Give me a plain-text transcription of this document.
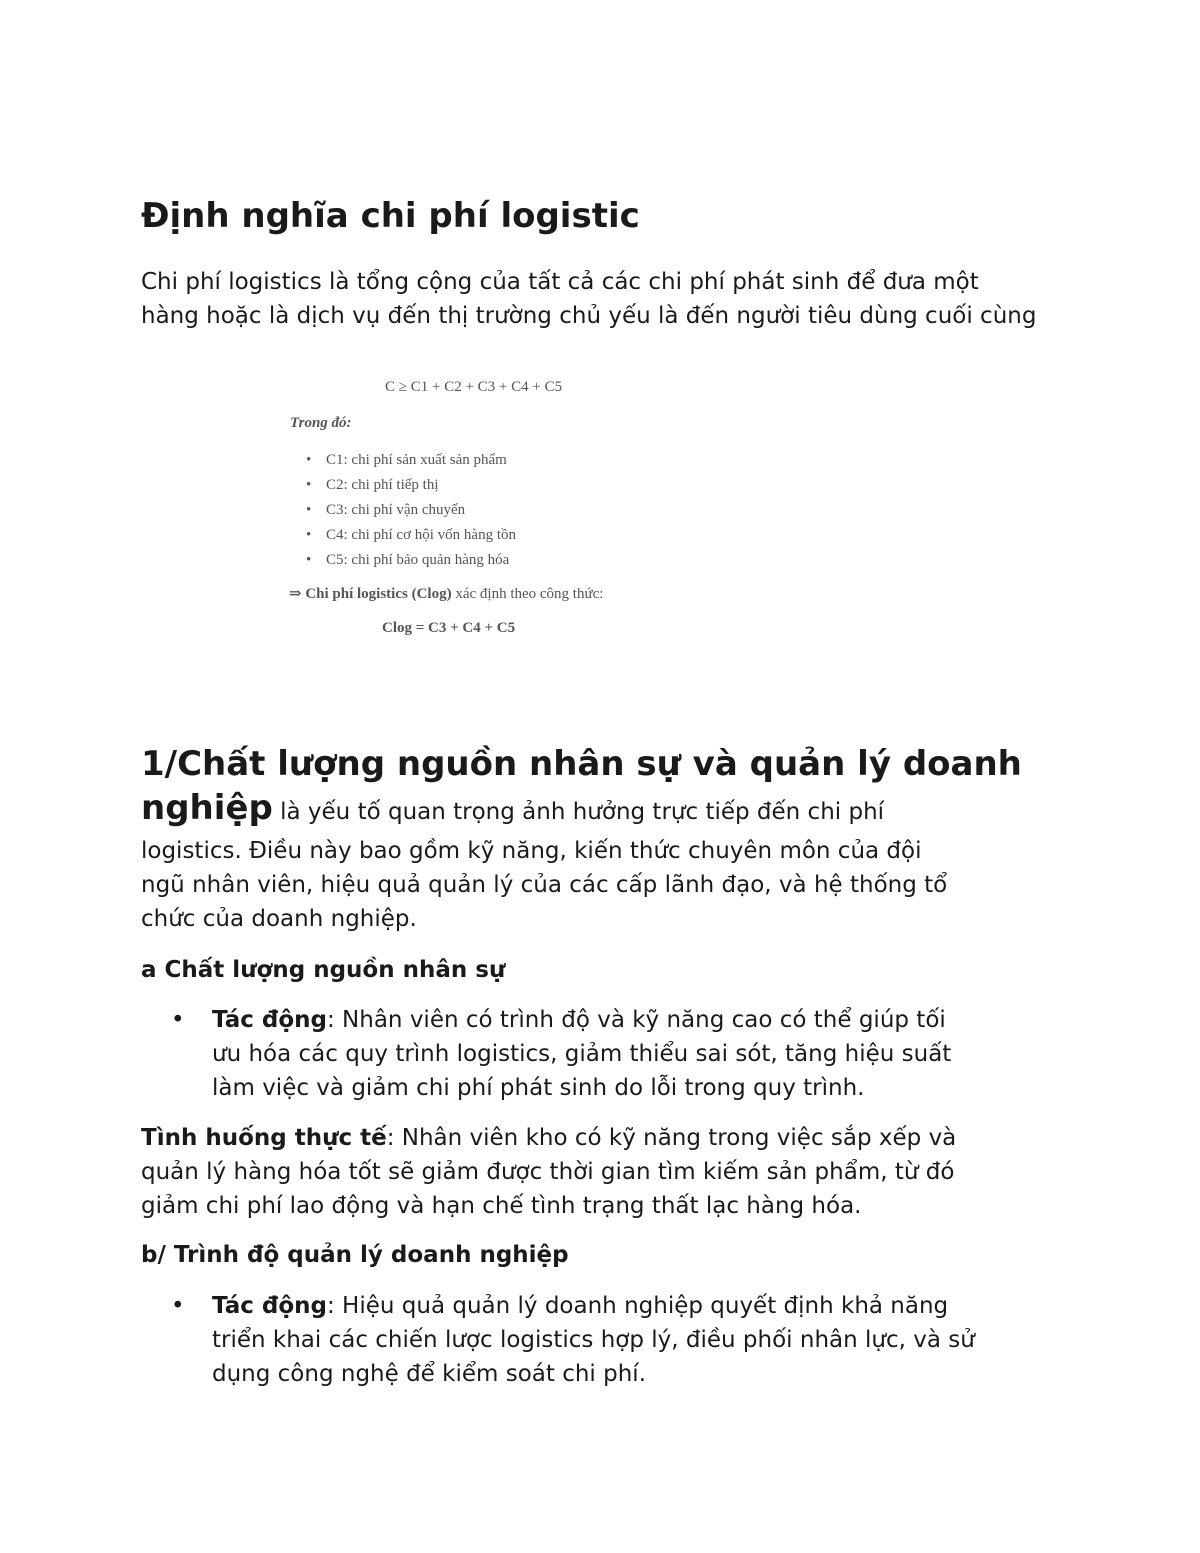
Định nghĩa chi phí logistic

Chi phí logistics là tổng cộng của tất cả các chi phí phát sinh để đưa một
hàng hoặc là dịch vụ đến thị trường chủ yếu là đến người tiêu dùng cuối cùng

C ≥ C1 + C2 + C3 + C4 + C5
Trong đó:
• C1: chi phí sản xuất sản phẩm
• C2: chi phí tiếp thị
• C3: chi phí vận chuyển
• C4: chi phí cơ hội vốn hàng tồn
• C5: chi phí bảo quản hàng hóa
⇒ Chi phí logistics (Clog) xác định theo công thức:
Clog = C3 + C4 + C5
1/Chất lượng nguồn nhân sự và quản lý doanh
nghiệp là yếu tố quan trọng ảnh hưởng trực tiếp đến chi phí
logistics. Điều này bao gồm kỹ năng, kiến thức chuyên môn của đội
ngũ nhân viên, hiệu quả quản lý của các cấp lãnh đạo, và hệ thống tổ
chức của doanh nghiệp.
a Chất lượng nguồn nhân sự
• Tác động: Nhân viên có trình độ và kỹ năng cao có thể giúp tối
ưu hóa các quy trình logistics, giảm thiểu sai sót, tăng hiệu suất
làm việc và giảm chi phí phát sinh do lỗi trong quy trình.
Tình huống thực tế: Nhân viên kho có kỹ năng trong việc sắp xếp và
quản lý hàng hóa tốt sẽ giảm được thời gian tìm kiếm sản phẩm, từ đó
giảm chi phí lao động và hạn chế tình trạng thất lạc hàng hóa.
b/ Trình độ quản lý doanh nghiệp
• Tác động: Hiệu quả quản lý doanh nghiệp quyết định khả năng
triển khai các chiến lược logistics hợp lý, điều phối nhân lực, và sử
dụng công nghệ để kiểm soát chi phí.
